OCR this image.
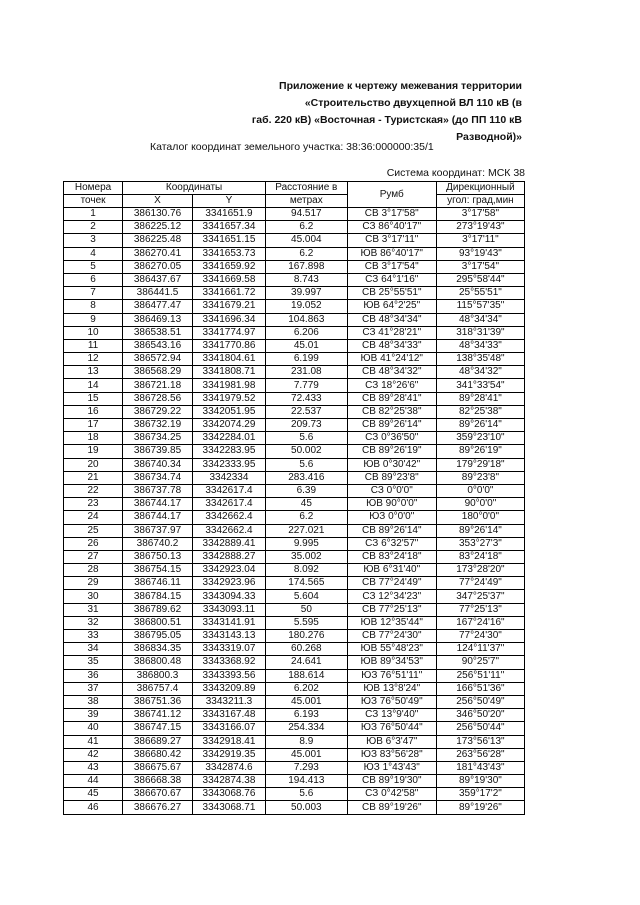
Приложение к чертежу межевания территории
«Строительство двухцепной ВЛ 110 кВ (в
габ. 220 кВ) «Восточная - Туристская» (до ПП 110 кВ
Разводной)»
Каталог координат земельного участка: 38:36:000000:35/1
Система координат: МСК 38
Номера	Координаты		Расстояние в	Румб	Дирекционный
точек	X	Y	метрах		угол: град,мин
1	386130.76	3341651.9	94.517	СВ 3°17'58"	3°17'58"
2	386225.12	3341657.34	6.2	СЗ 86°40'17"	273°19'43"
3	386225.48	3341651.15	45.004	СВ 3°17'11"	3°17'11"
4	386270.41	3341653.73	6.2	ЮВ 86°40'17"	93°19'43"
5	386270.05	3341659.92	167.898	СВ 3°17'54"	3°17'54"
6	386437.67	3341669.58	8.743	СЗ 64°1'16"	295°58'44"
7	386441.5	3341661.72	39.997	СВ 25°55'51"	25°55'51"
8	386477.47	3341679.21	19.052	ЮВ 64°2'25"	115°57'35"
9	386469.13	3341696.34	104.863	СВ 48°34'34"	48°34'34"
10	386538.51	3341774.97	6.206	СЗ 41°28'21"	318°31'39"
11	386543.16	3341770.86	45.01	СВ 48°34'33"	48°34'33"
12	386572.94	3341804.61	6.199	ЮВ 41°24'12"	138°35'48"
13	386568.29	3341808.71	231.08	СВ 48°34'32"	48°34'32"
14	386721.18	3341981.98	7.779	СЗ 18°26'6"	341°33'54"
15	386728.56	3341979.52	72.433	СВ 89°28'41"	89°28'41"
16	386729.22	3342051.95	22.537	СВ 82°25'38"	82°25'38"
17	386732.19	3342074.29	209.73	СВ 89°26'14"	89°26'14"
18	386734.25	3342284.01	5.6	СЗ 0°36'50"	359°23'10"
19	386739.85	3342283.95	50.002	СВ 89°26'19"	89°26'19"
20	386740.34	3342333.95	5.6	ЮВ 0°30'42"	179°29'18"
21	386734.74	3342334	283.416	СВ 89°23'8"	89°23'8"
22	386737.78	3342617.4	6.39	СЗ 0°0'0"	0°0'0"
23	386744.17	3342617.4	45	ЮВ 90°0'0"	90°0'0"
24	386744.17	3342662.4	6.2	ЮЗ 0°0'0"	180°0'0"
25	386737.97	3342662.4	227.021	СВ 89°26'14"	89°26'14"
26	386740.2	3342889.41	9.995	СЗ 6°32'57"	353°27'3"
27	386750.13	3342888.27	35.002	СВ 83°24'18"	83°24'18"
28	386754.15	3342923.04	8.092	ЮВ 6°31'40"	173°28'20"
29	386746.11	3342923.96	174.565	СВ 77°24'49"	77°24'49"
30	386784.15	3343094.33	5.604	СЗ 12°34'23"	347°25'37"
31	386789.62	3343093.11	50	СВ 77°25'13"	77°25'13"
32	386800.51	3343141.91	5.595	ЮВ 12°35'44"	167°24'16"
33	386795.05	3343143.13	180.276	СВ 77°24'30"	77°24'30"
34	386834.35	3343319.07	60.268	ЮВ 55°48'23"	124°11'37"
35	386800.48	3343368.92	24.641	ЮВ 89°34'53"	90°25'7"
36	386800.3	3343393.56	188.614	ЮЗ 76°51'11"	256°51'11"
37	386757.4	3343209.89	6.202	ЮВ 13°8'24"	166°51'36"
38	386751.36	3343211.3	45.001	ЮЗ 76°50'49"	256°50'49"
39	386741.12	3343167.48	6.193	СЗ 13°9'40"	346°50'20"
40	386747.15	3343166.07	254.334	ЮЗ 76°50'44"	256°50'44"
41	386689.27	3342918.41	8.9	ЮВ 6°3'47"	173°56'13"
42	386680.42	3342919.35	45.001	ЮЗ 83°56'28"	263°56'28"
43	386675.67	3342874.6	7.293	ЮЗ 1°43'43"	181°43'43"
44	386668.38	3342874.38	194.413	СВ 89°19'30"	89°19'30"
45	386670.67	3343068.76	5.6	СЗ 0°42'58"	359°17'2"
46	386676.27	3343068.71	50.003	СВ 89°19'26"	89°19'26"
